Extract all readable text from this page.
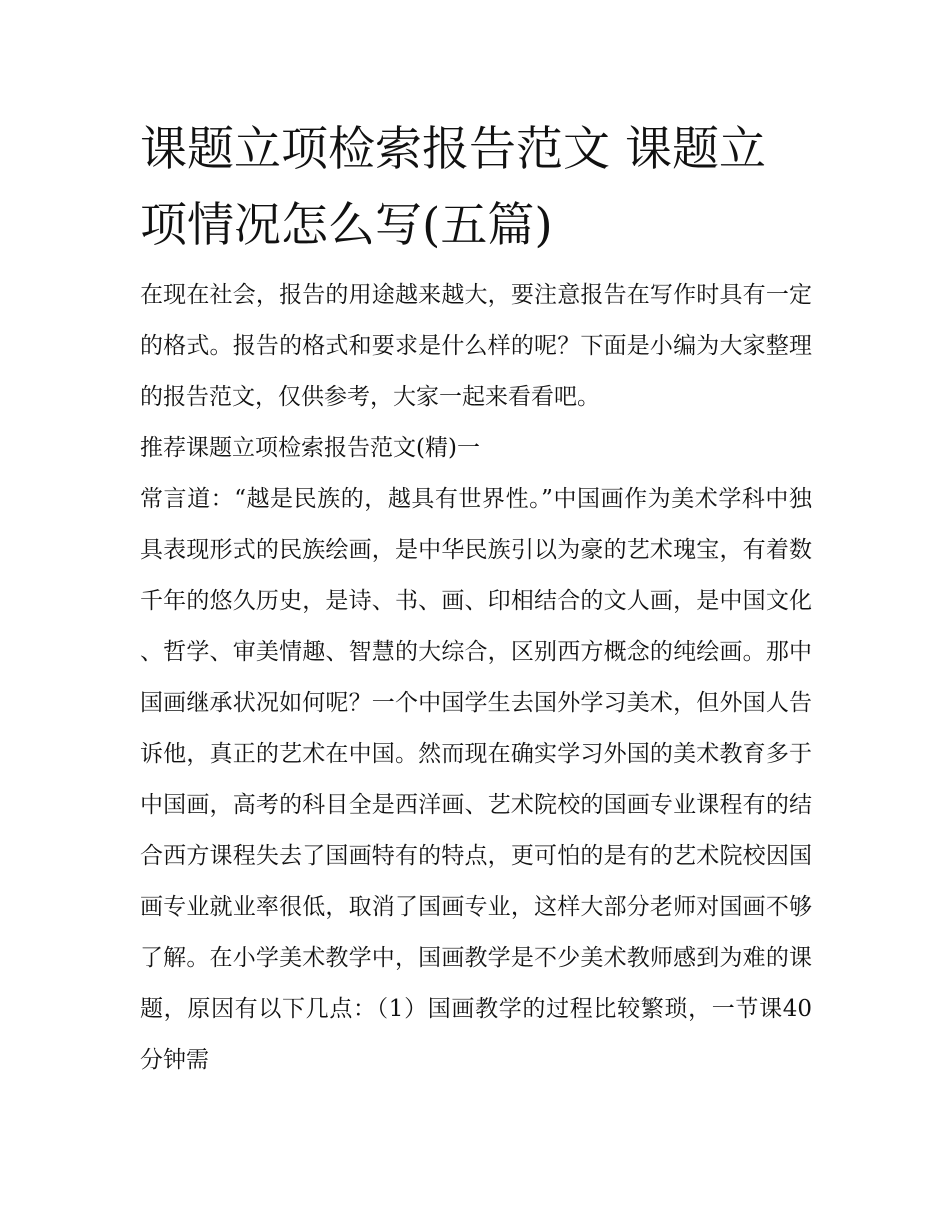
课题立项检索报告范文 课题立项情况怎么写(五篇)

在现在社会，报告的用途越来越大，要注意报告在写作时具有一定的格式。报告的格式和要求是什么样的呢？下面是小编为大家整理的报告范文，仅供参考，大家一起来看看吧。

推荐课题立项检索报告范文(精)一

常言道：“越是民族的，越具有世界性。”中国画作为美术学科中独具表现形式的民族绘画，是中华民族引以为豪的艺术瑰宝，有着数千年的悠久历史，是诗、书、画、印相结合的文人画，是中国文化、哲学、审美情趣、智慧的大综合，区别西方概念的纯绘画。那中国画继承状况如何呢？一个中国学生去国外学习美术，但外国人告诉他，真正的艺术在中国。然而现在确实学习外国的美术教育多于中国画，高考的科目全是西洋画、艺术院校的国画专业课程有的结合西方课程失去了国画特有的特点，更可怕的是有的艺术院校因国画专业就业率很低，取消了国画专业，这样大部分老师对国画不够了解。在小学美术教学中，国画教学是不少美术教师感到为难的课题，原因有以下几点：（1）国画教学的过程比较繁琐，一节课40分钟需
